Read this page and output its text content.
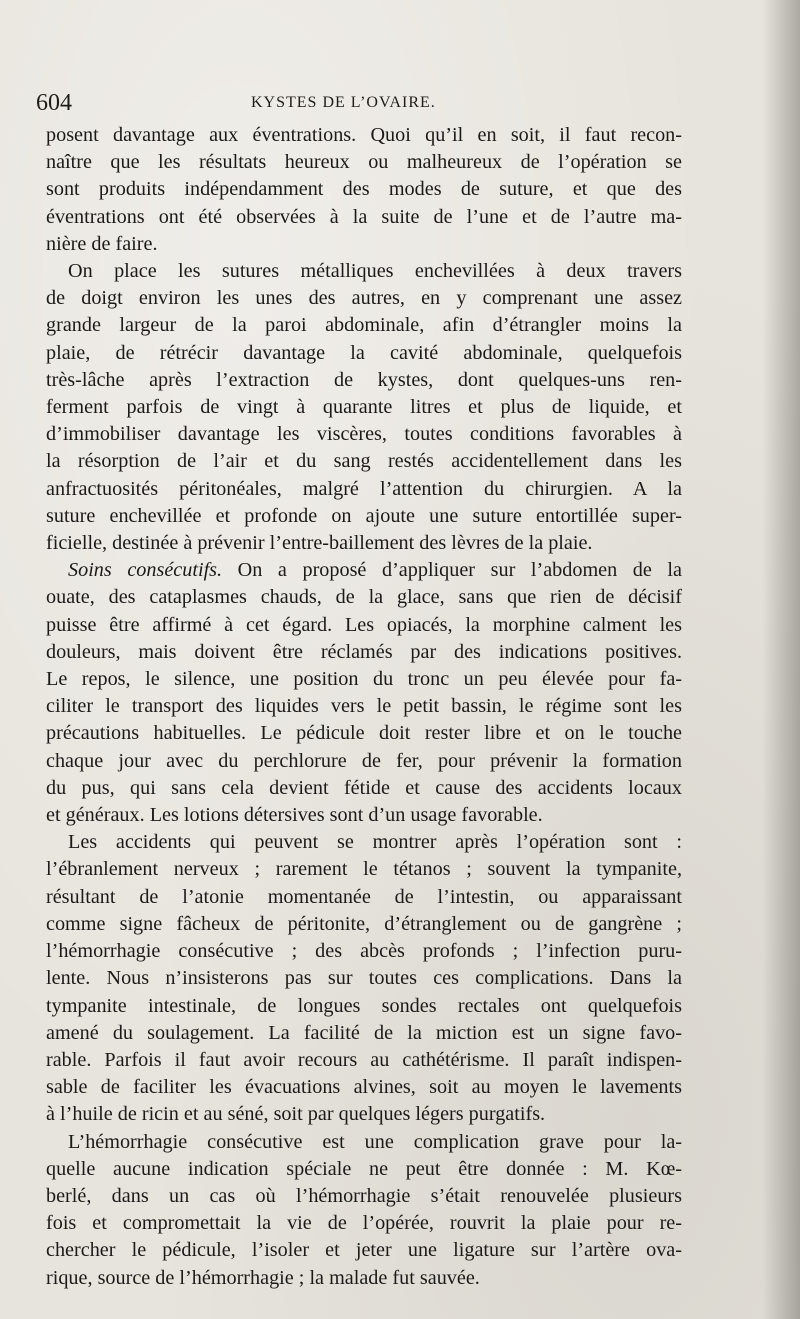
604	KYSTES DE L’OVAIRE.

posent davantage aux éventrations. Quoi qu’il en soit, il faut recon-
naître que les résultats heureux ou malheureux de l’opération se
sont produits indépendamment des modes de suture, et que des
éventrations ont été observées à la suite de l’une et de l’autre ma-
nière de faire.

On place les sutures métalliques enchevillées à deux travers
de doigt environ les unes des autres, en y comprenant une assez
grande largeur de la paroi abdominale, afin d’étrangler moins la
plaie, de rétrécir davantage la cavité abdominale, quelquefois
très-lâche après l’extraction de kystes, dont quelques-uns ren-
ferment parfois de vingt à quarante litres et plus de liquide, et
d’immobiliser davantage les viscères, toutes conditions favorables à
la résorption de l’air et du sang restés accidentellement dans les
anfractuosités péritonéales, malgré l’attention du chirurgien. A la
suture enchevillée et profonde on ajoute une suture entortillée super-
ficielle, destinée à prévenir l’entre-baillement des lèvres de la plaie.

Soins consécutifs. On a proposé d’appliquer sur l’abdomen de la
ouate, des cataplasmes chauds, de la glace, sans que rien de décisif
puisse être affirmé à cet égard. Les opiacés, la morphine calment les
douleurs, mais doivent être réclamés par des indications positives.
Le repos, le silence, une position du tronc un peu élevée pour fa-
ciliter le transport des liquides vers le petit bassin, le régime sont les
précautions habituelles. Le pédicule doit rester libre et on le touche
chaque jour avec du perchlorure de fer, pour prévenir la formation
du pus, qui sans cela devient fétide et cause des accidents locaux
et généraux. Les lotions détersives sont d’un usage favorable.

Les accidents qui peuvent se montrer après l’opération sont :
l’ébranlement nerveux ; rarement le tétanos ; souvent la tympanite,
résultant de l’atonie momentanée de l’intestin, ou apparaissant
comme signe fâcheux de péritonite, d’étranglement ou de gangrène ;
l’hémorrhagie consécutive ; des abcès profonds ; l’infection puru-
lente. Nous n’insisterons pas sur toutes ces complications. Dans la
tympanite intestinale, de longues sondes rectales ont quelquefois
amené du soulagement. La facilité de la miction est un signe favo-
rable. Parfois il faut avoir recours au cathétérisme. Il paraît indispen-
sable de faciliter les évacuations alvines, soit au moyen le lavements
à l’huile de ricin et au séné, soit par quelques légers purgatifs.

L’hémorrhagie consécutive est une complication grave pour la-
quelle aucune indication spéciale ne peut être donnée : M. Kœ-
berlé, dans un cas où l’hémorrhagie s’était renouvelée plusieurs
fois et compromettait la vie de l’opérée, rouvrit la plaie pour re-
chercher le pédicule, l’isoler et jeter une ligature sur l’artère ova-
rique, source de l’hémorrhagie ; la malade fut sauvée.
